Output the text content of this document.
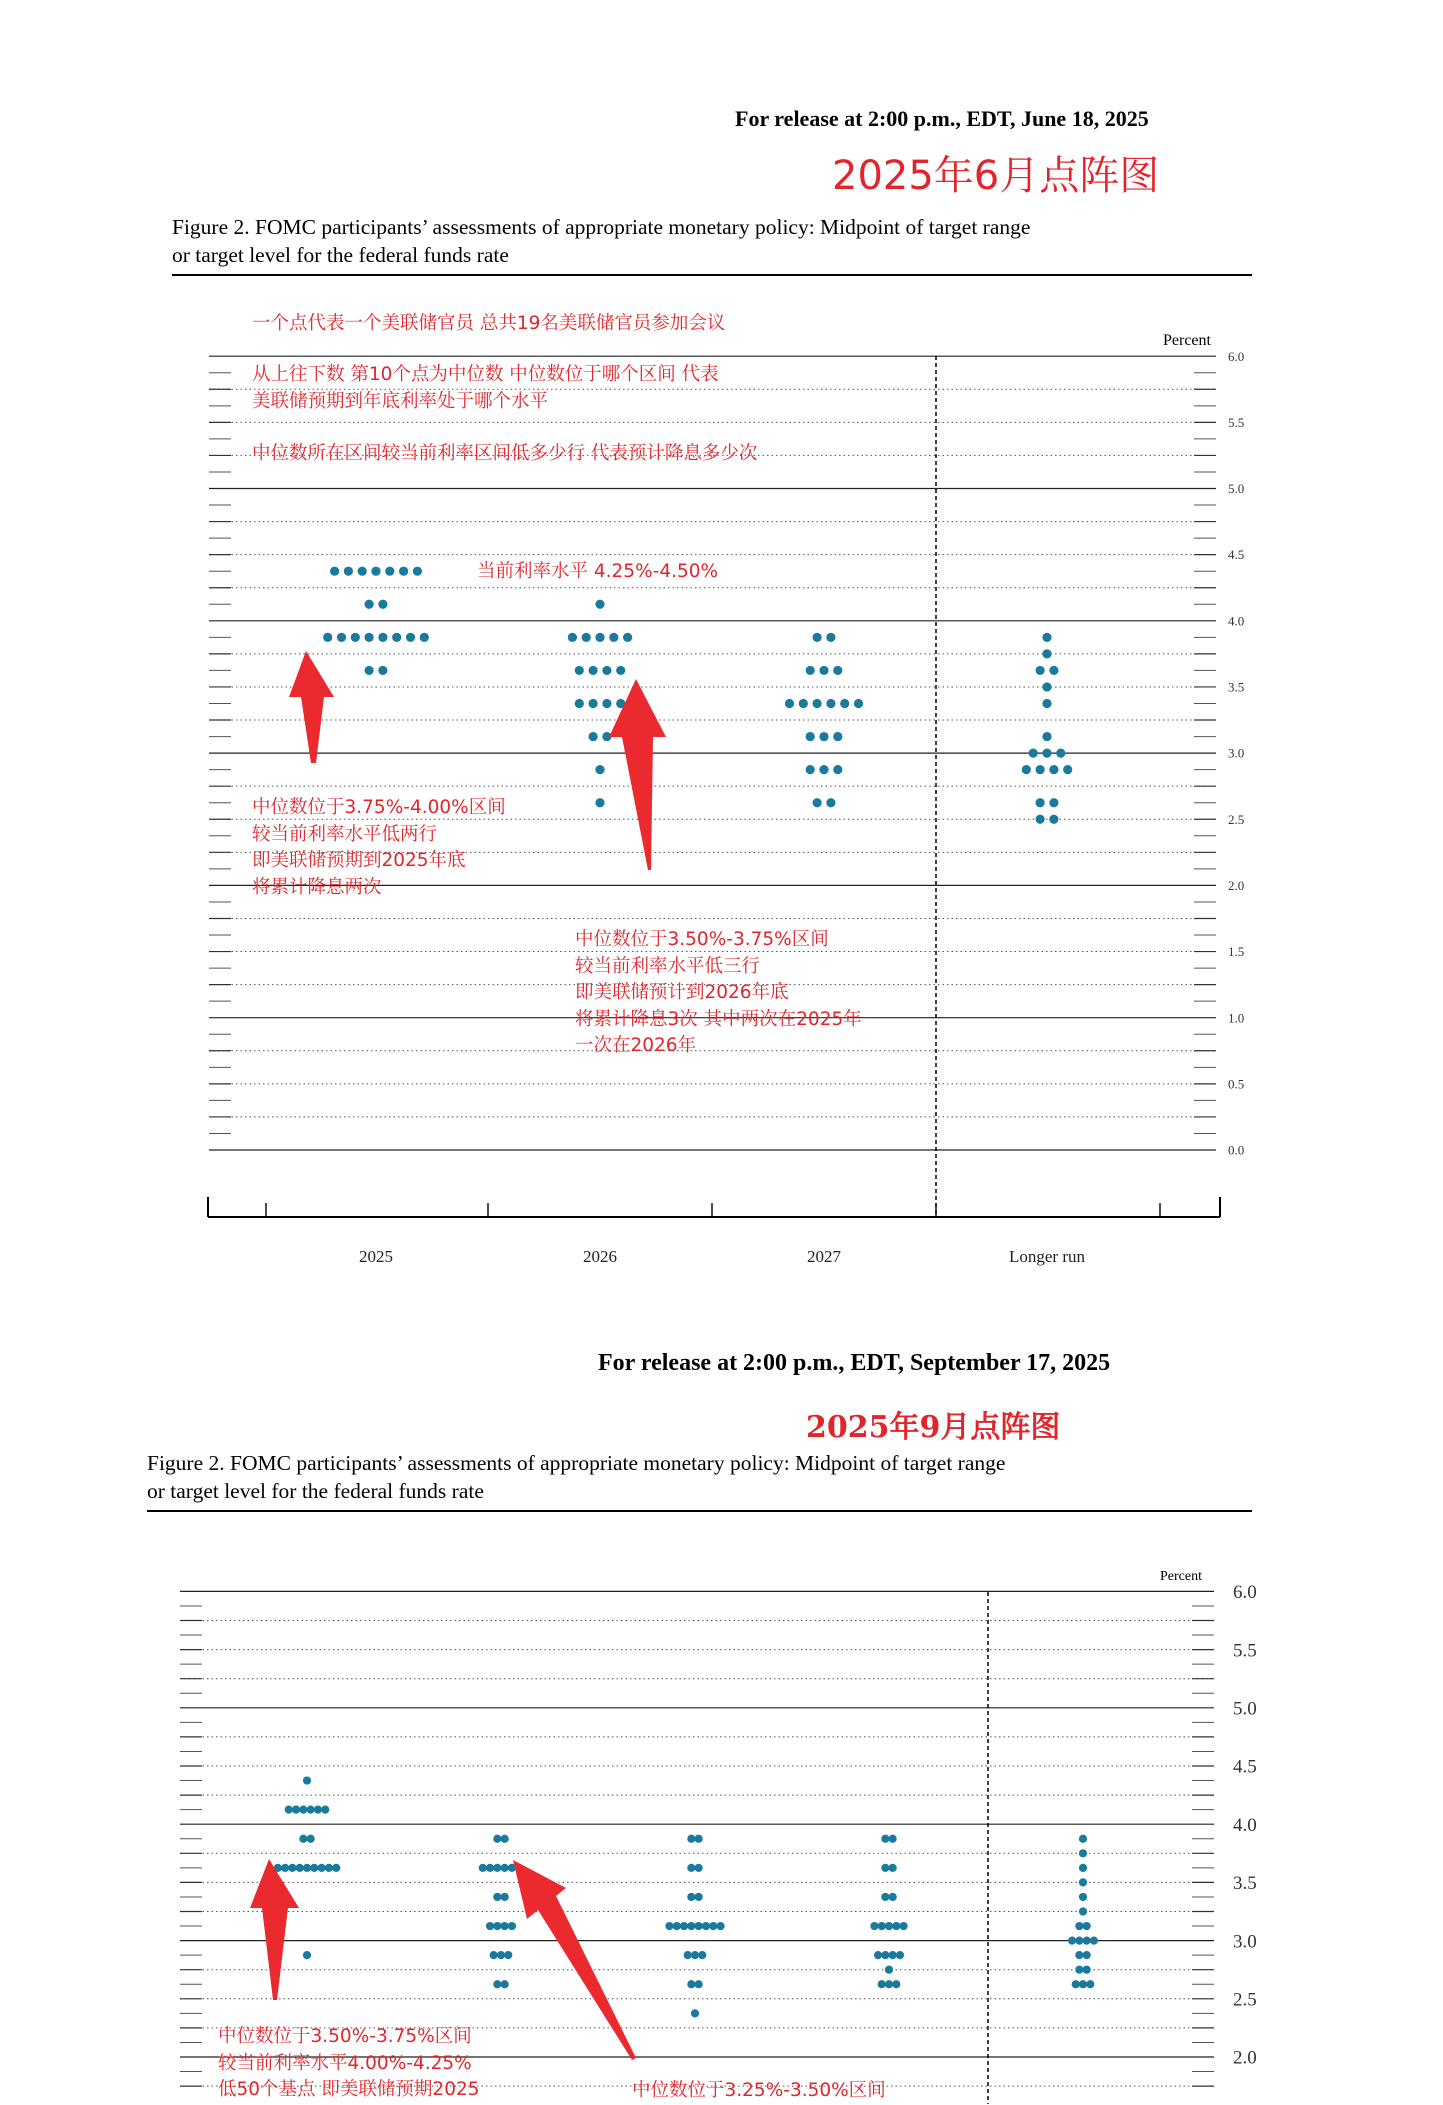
For release at 2:00 p.m., EDT, June 18, 2025
2025年6月点阵图
Figure 2. FOMC participants’ assessments of appropriate monetary policy: Midpoint of target range
or target level for the federal funds rate
0.0
0.5
1.0
1.5
2.0
2.5
3.0
3.5
4.0
4.5
5.0
5.5
6.0
2025	2026	2027	Longer run
Percent
一个点代表一个美联储官员 总共19名美联储官员参加会议
从上往下数 第10个点为中位数 中位数位于哪个区间 代表
美联储预期到年底利率处于哪个水平
中位数所在区间较当前利率区间低多少行 代表预计降息多少次
当前利率水平 4.25%-4.50%
中位数位于3.75%-4.00%区间
较当前利率水平低两行
即美联储预期到2025年底
将累计降息两次
中位数位于3.50%-3.75%区间
较当前利率水平低三行
即美联储预计到2026年底
将累计降息3次 其中两次在2025年
一次在2026年
For release at 2:00 p.m., EDT, September 17, 2025
2025年9月点阵图
Figure 2. FOMC participants’ assessments of appropriate monetary policy: Midpoint of target range
or target level for the federal funds rate
2.0
2.5
3.0
3.5
4.0
4.5
5.0
5.5
6.0
Percent
中位数位于3.50%-3.75%区间
较当前利率水平4.00%-4.25%
低50个基点 即美联储预期2025	中位数位于3.25%-3.50%区间
